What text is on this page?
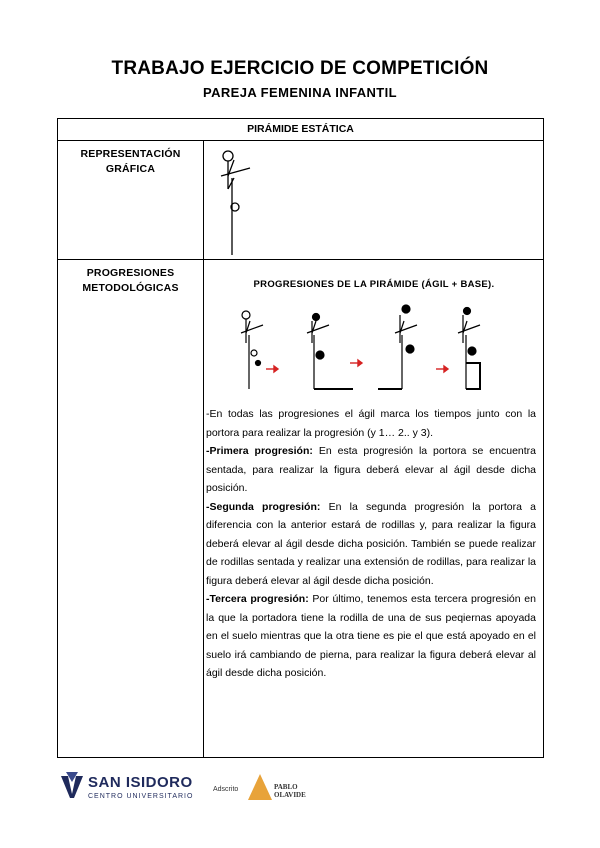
TRABAJO EJERCICIO DE COMPETICIÓN
PAREJA FEMENINA INFANTIL
PIRÁMIDE ESTÁTICA
REPRESENTACIÓN
GRÁFICA
PROGRESIONES
METODOLÓGICAS	PROGRESIONES DE LA PIRÁMIDE (ÁGIL + BASE).

-En todas las progresiones el ágil marca los tiempos junto con la portora para realizar la progresión (y 1… 2.. y 3).

-Primera progresión: En esta progresión la portora se encuentra sentada, para realizar la figura deberá elevar al ágil desde dicha posición.

-Segunda progresión: En la segunda progresión la portora a diferencia con la anterior estará de rodillas y, para realizar la figura deberá elevar al ágil desde dicha posición. También se puede realizar de rodillas sentada y realizar una extensión de rodillas, para realizar la figura deberá elevar al ágil desde dicha posición.

-Tercera progresión: Por último, tenemos esta tercera progresión en la que la portadora tiene la rodilla de una de sus peqiernas apoyada en el suelo mientras que la otra tiene es pie el que está apoyado en el suelo irá cambiando de pierna, para realizar la figura deberá elevar al ágil desde dicha posición.

SAN ISIDORO
CENTRO UNIVERSITARIO
Adscrito	PABLO
OLAVIDE
